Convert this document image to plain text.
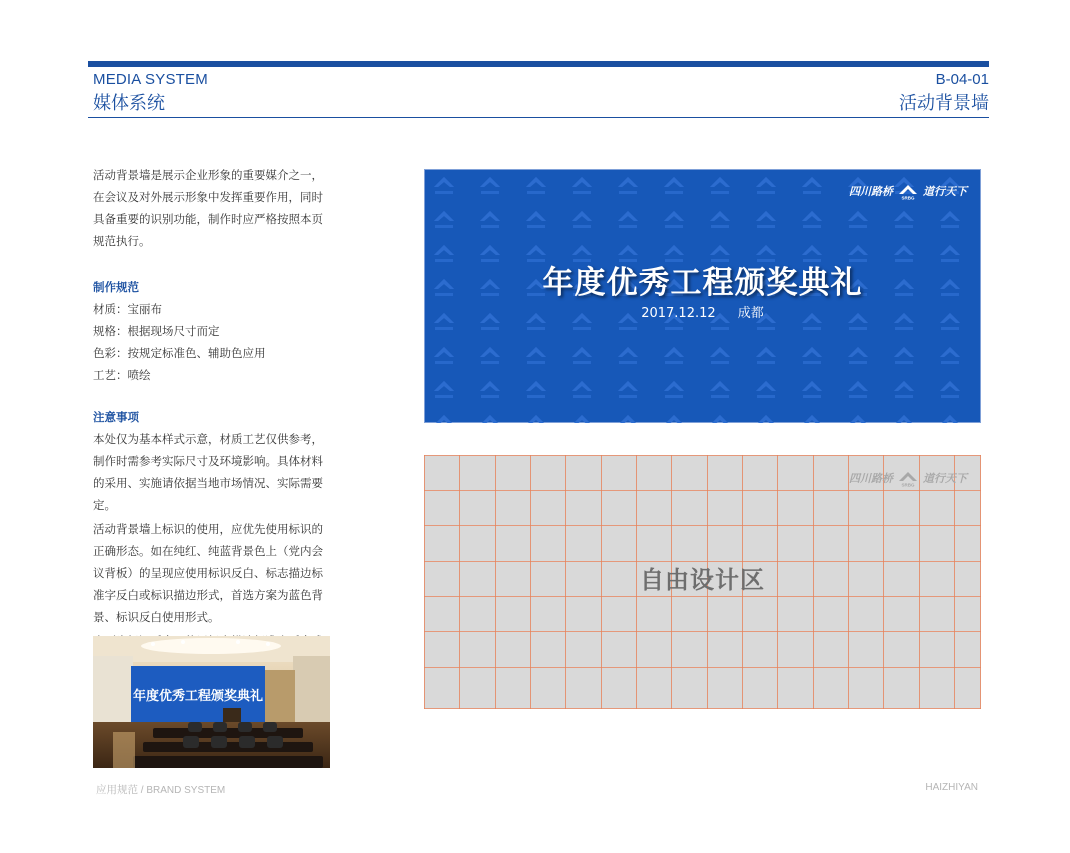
MEDIA SYSTEM
媒体系统
B-04-01
活动背景墙

活动背景墙是展示企业形象的重要媒介之一，在会议及对外展示形象中发挥重要作用，同时具备重要的识别功能，制作时应严格按照本页规范执行。

制作规范

材质：宝丽布

规格：根据现场尺寸而定

色彩：按规定标准色、辅助色应用

工艺：喷绘

注意事项

本处仅为基本样式示意，材质工艺仅供参考，制作时需参考实际尺寸及环境影响。具体材料的采用、实施请依据当地市场情况、实际需要定。

活动背景墙上标识的使用，应优先使用标识的正确形态。如在纯红、纯蓝背景色上（党内会议背板）的呈现应使用标识反白、标志描边标准字反白或标识描边形式，首选方案为蓝色背景、标识反白使用形式。

年度优秀工程颁奖典礼
四川路桥 SRBG 道行天下
年度优秀工程颁奖典礼
2017.12.12 成都
四川路桥 SRBG 道行天下
自由设计区
应用规范 / BRAND SYSTEM	HAIZHIYAN
